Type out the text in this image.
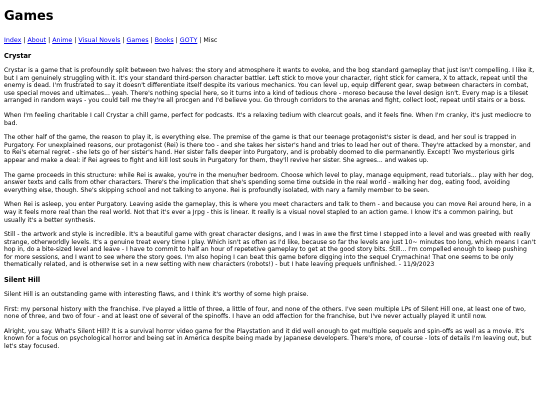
Games
Index | About | Anime | Visual Novels | Games | Books | GOTY | Misc
Crystar

Crystar is a game that is profoundly split between two halves: the story and atmosphere it wants to evoke, and the bog standard gameplay that just isn't compelling. I like it, but I am genuinely struggling with it. It's your standard third-person character battler. Left stick to move your character, right stick for camera, X to attack, repeat until the enemy is dead. I'm frustrated to say it doesn't differentiate itself despite its various mechanics. You can level up, equip different gear, swap between characters in combat, use special moves and ultimates... yeah. There's nothing special here, so it turns into a kind of tedious chore - moreso because the level design isn't. Every map is a tileset arranged in random ways - you could tell me they're all procgen and I'd believe you. Go through corridors to the arenas and fight, collect loot, repeat until stairs or a boss.

When I'm feeling charitable I call Crystar a chill game, perfect for podcasts. It's a relaxing tedium with clearcut goals, and it feels fine. When I'm cranky, it's just mediocre to bad.

The other half of the game, the reason to play it, is everything else. The premise of the game is that our teenage protagonist's sister is dead, and her soul is trapped in Purgatory. For unexplained reasons, our protagonist (Rei) is there too - and she takes her sister's hand and tries to lead her out of there. They're attacked by a monster, and to Rei's eternal regret - she lets go of her sister's hand. Her sister falls deeper into Purgatory, and is probably doomed to die permanently. Except! Two mysterious girls appear and make a deal: if Rei agrees to fight and kill lost souls in Purgatory for them, they'll revive her sister. She agrees... and wakes up.

The game proceeds in this structure: while Rei is awake, you're in the menu/her bedroom. Choose which level to play, manage equipment, read tutorials... play with her dog, answer texts and calls from other characters. There's the implication that she's spending some time outside in the real world - walking her dog, eating food, avoiding everything else, though. She's skipping school and not talking to anyone. Rei is profoundly isolated, with nary a family member to be seen.

When Rei is asleep, you enter Purgatory. Leaving aside the gameplay, this is where you meet characters and talk to them - and because you can move Rei around here, in a way it feels more real than the real world. Not that it's ever a Jrpg - this is linear. It really is a visual novel stapled to an action game. I know it's a common pairing, but usually it's a better synthesis.

Still - the artwork and style is incredible. It's a beautiful game with great character designs, and I was in awe the first time I stepped into a level and was greeted with really strange, otherworldly levels. It's a genuine treat every time I play. Which isn't as often as I'd like, because so far the levels are just 10~ minutes too long, which means I can't hop in, do a bite-sized level and leave - I have to commit to half an hour of repetetive gameplay to get at the good story bits. Still... I'm compelled enough to keep pushing for more sessions, and I want to see where the story goes. I'm also hoping I can beat this game before digging into the sequel Crymachina! That one seems to be only thematically related, and is otherwise set in a new setting with new characters (robots!) - but I hate leaving prequels unfinished. - 11/9/2023

Silent Hill

Silent Hill is an outstanding game with interesting flaws, and I think it's worthy of some high praise.

First: my personal history with the franchise. I've played a little of three, a little of four, and none of the others. I've seen multiple LPs of Silent Hill one, at least one of two, none of three, and two of four - and at least one of several of the spinoffs. I have an odd affection for the franchise, but I've never actually played it until now.

Alright, you say. What's Silent Hill? It is a survival horror video game for the Playstation and it did well enough to get multiple sequels and spin-offs as well as a movie. It's known for a focus on psychological horror and being set in America despite being made by Japanese developers. There's more, of course - lots of details I'm leaving out, but let's stay focused.
